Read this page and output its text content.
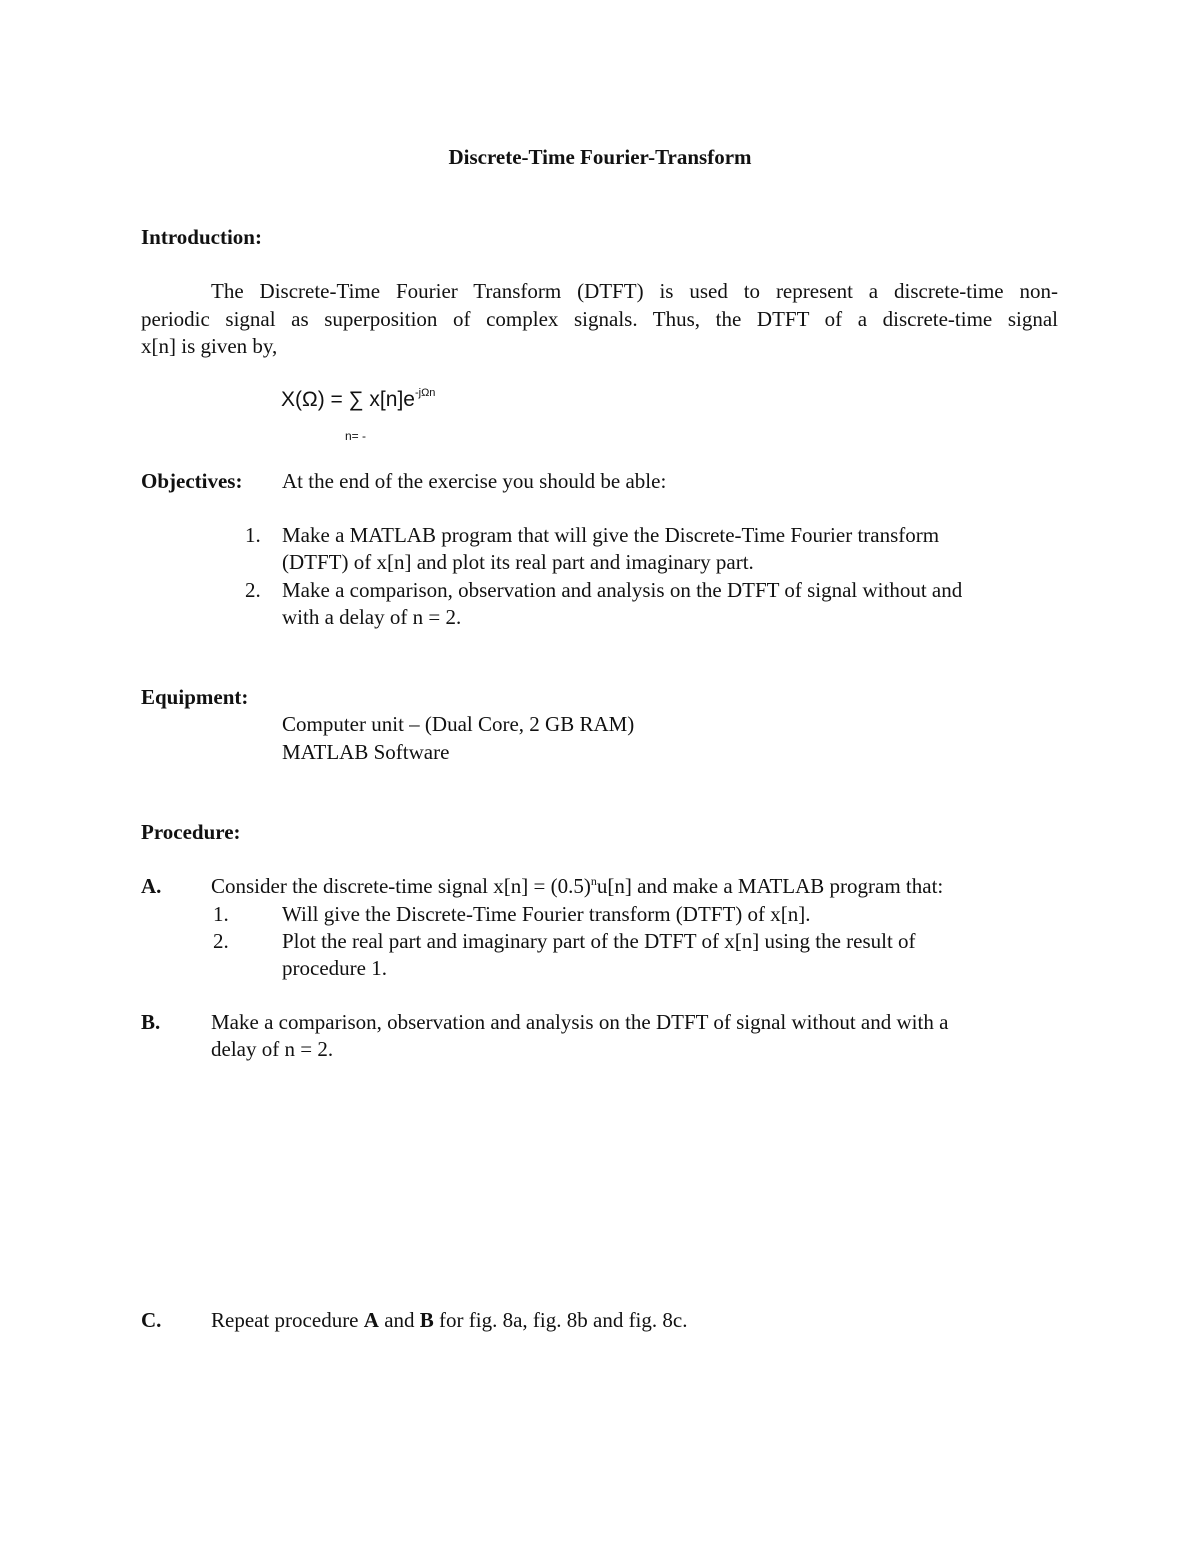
Discrete-Time Fourier-Transform
Introduction:
The Discrete-Time Fourier Transform (DTFT) is used to represent a discrete-time non-
periodic signal as superposition of complex signals. Thus, the DTFT of a discrete-time signal
x[n] is given by,
X(Ω) = ∑ $x[n]e^{-j\Omega n}$
n= -
Objectives: At the end of the exercise you should be able:
1. Make a MATLAB program that will give the Discrete-Time Fourier transform
(DTFT) of x[n] and plot its real part and imaginary part.
2. Make a comparison, observation and analysis on the DTFT of signal without and
with a delay of n = 2.
Equipment:
Computer unit – (Dual Core, 2 GB RAM)
MATLAB Software
Procedure:
A. Consider the discrete-time signal $x[n] = (0.5)^nu[n]$ and make a MATLAB program that:
1.	Will give the Discrete-Time Fourier transform (DTFT) of x[n].
2.	Plot the real part and imaginary part of the DTFT of x[n] using the result of
procedure 1.
B. Make a comparison, observation and analysis on the DTFT of signal without and with a
delay of n = 2.
C. Repeat procedure A and B for fig. 8a, fig. 8b and fig. 8c.
